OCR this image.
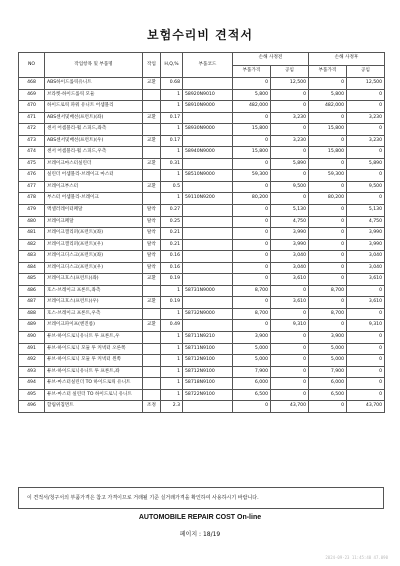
보험수리비 견적서
NO	작업항목 및 부품명	작업	H,Q,%	부품코드	손해 사정전		손해 사정후	
					부품가격	공임	부품가격	공임
468	ABS하이드롤릭유니트	교환	0.68		0	12,500	0	12,500
469	브라켓-하이드롤릭 모듈		1	58920N9010	5,800	0	5,800	0
470	하이드로릭 파워 유니트 어셈블리		1	58910N9000	482,000	0	482,000	0
471	ABS센서및배선(프런트)(좌)	교환	0.17		0	3,230	0	3,230
472	센서 어셈블리-휠 스피드,좌측		1	58930N9000	15,800	0	15,800	0
473	ABS센서및배선(프런트)(우)	교환	0.17		0	3,230	0	3,230
474	센서 어셈블리-휠 스피드,우측		1	58940N9000	15,800	0	15,800	0
475	브레이크마스터실린더	교환	0.31		0	5,890	0	5,890
476	실린더 어셈블리-브레이크 마스터		1	58510N9000	59,300	0	59,300	0
477	브레이크부스터	교환	0.5		0	9,500	0	9,500
478	부스터 어셈블리-브레이크		1	59110N9200	80,200	0	80,200	0
479	액셀러레이터페달	탈착	0.27		0	5,130	0	5,130
480	브레이크페달	탈착	0.25		0	4,750	0	4,750
481	브레이크캘리퍼(프런트)(좌)	탈착	0.21		0	3,990	0	3,990
482	브레이크캘리퍼(프런트)(우)	탈착	0.21		0	3,990	0	3,990
483	브레이크디스크(프런트)(좌)	탈착	0.16		0	3,040	0	3,040
484	브레이크디스크(프런트)(우)	탈착	0.16		0	3,040	0	3,040
485	브레이크호스(프런트)(좌)	교환	0.19		0	3,610	0	3,610
486	호스-브레이크 프론트,좌측		1	58731N9000	8,700	0	8,700	0
487	브레이크호스(프런트)(우)	교환	0.19		0	3,610	0	3,610
488	호스-브레이크 프론트,우측		1	58732N9000	8,700	0	8,700	0
489	브레이크파이프(엔진룸)	교환	0.49		0	9,310	0	9,310
490	튜브-하이드로닉유니트 투 프론트,우		1	58711N9210	3,900	0	3,900	0
491	튜브-하이드로닉 모듈 투 커넥터 오른쪽		1	58711N9100	5,000	0	5,000	0
492	튜브-하이드로닉 모듈 투 커넥터 왼쪽		1	58712N9100	5,000	0	5,000	0
493	튜브-하이드로닉유니트 투 프론트,좌		1	58712N9100	7,900	0	7,900	0
494	튜브-마스터실린더 TO 하이드로릭 유니트		1	58718N9100	6,000	0	6,000	0
495	튜브-마스터 실린더 TO 하이드로닉 유니트		1	58722N9100	6,500	0	6,500	0
496	할림위칩면트	조정	2.3		0	43,700	0	43,700
이 견적서/청구서의 부품가격은 참고 가격이므로 거래될 기준 실거래가격을 확인하여 사용하시기 바랍니다.
AUTOMOBILE REPAIR COST On-line
페이지 : 18/19
2024-09-23 11:45:40 47.090
